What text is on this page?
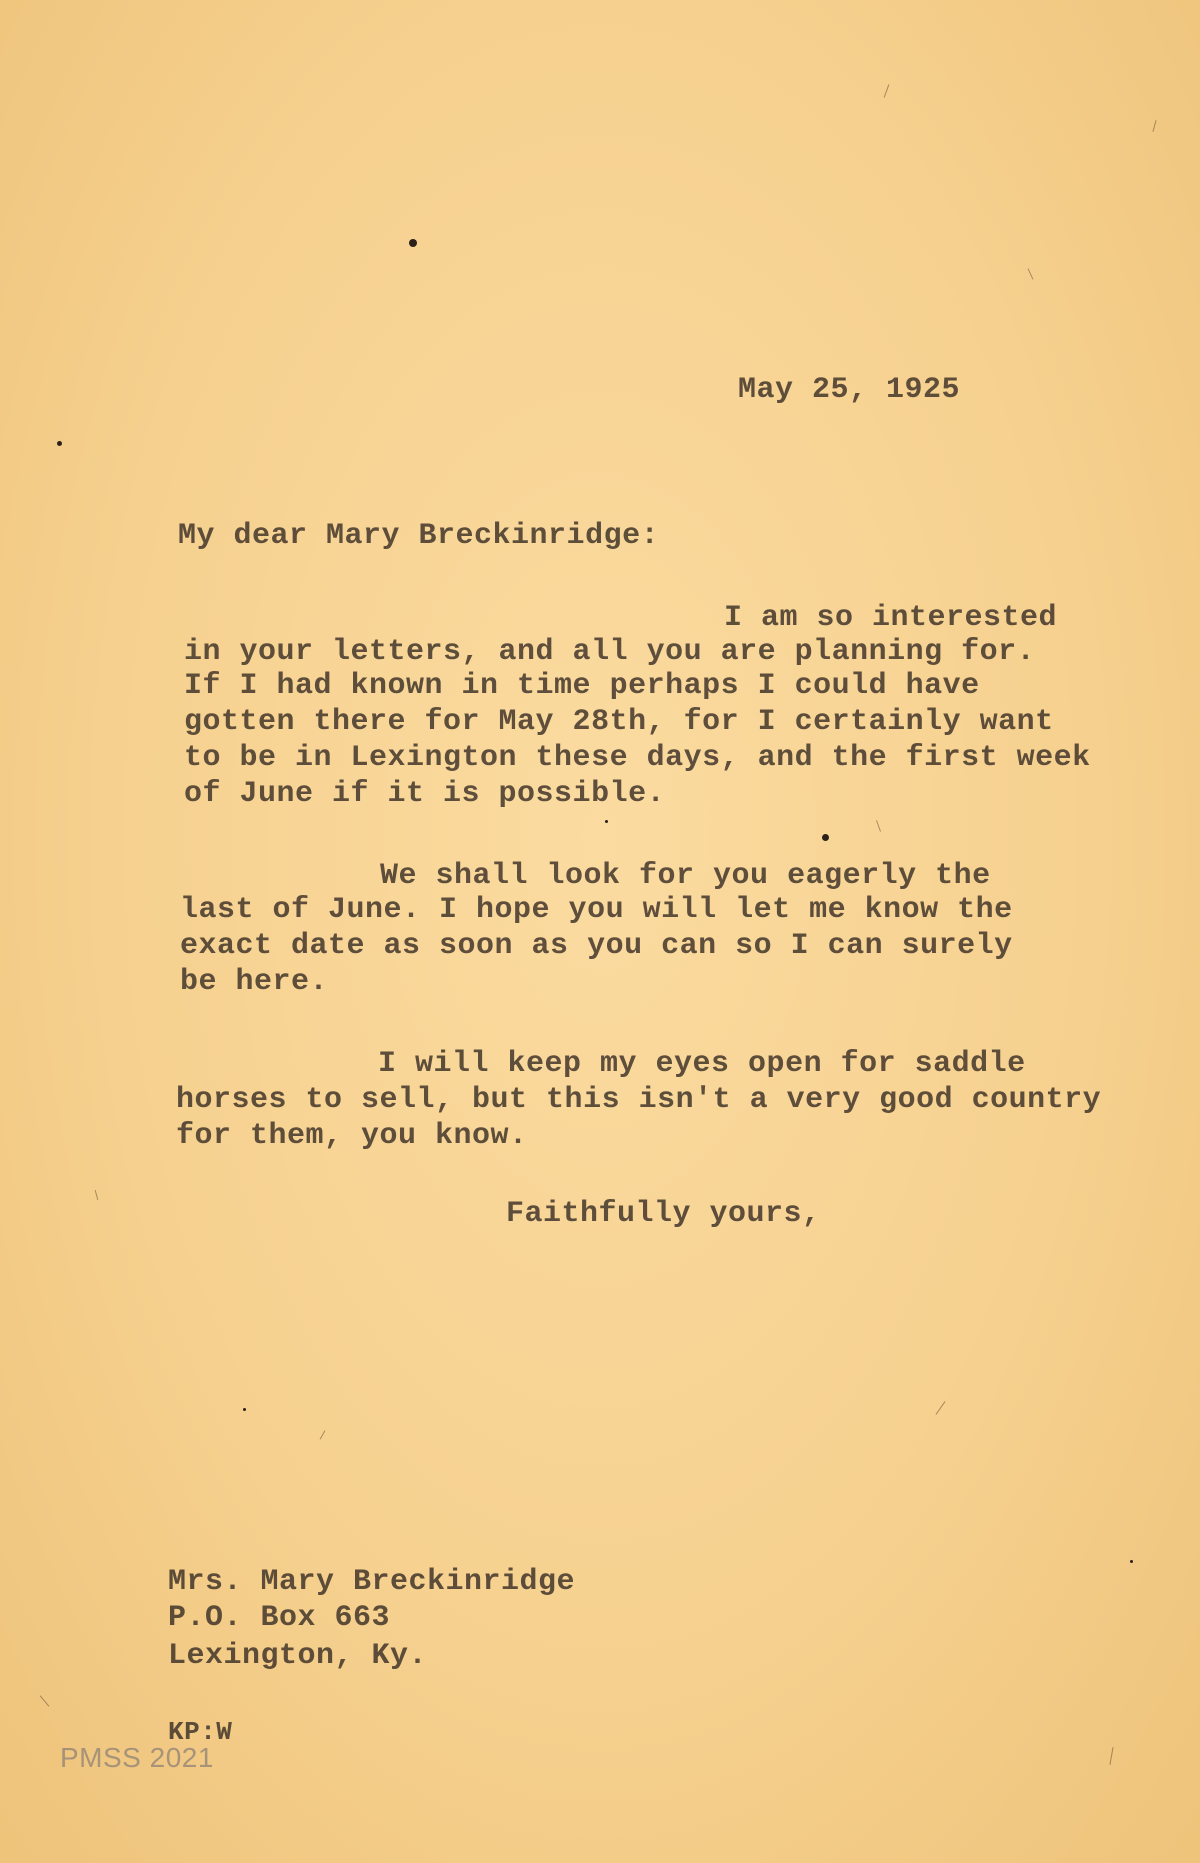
May 25, 1925
My dear Mary Breckinridge:
I am so interested
in your letters, and all you are planning for.
If I had known in time perhaps I could have
gotten there for May 28th, for I certainly want
to be in Lexington these days, and the first week
of June if it is possible.
We shall look for you eagerly the
last of June. I hope you will let me know the
exact date as soon as you can so I can surely
be here.
I will keep my eyes open for saddle
horses to sell, but this isn't a very good country
for them, you know.
Faithfully yours,
Mrs. Mary Breckinridge
P.O. Box 663
Lexington, Ky.
KP:W
PMSS 2021
